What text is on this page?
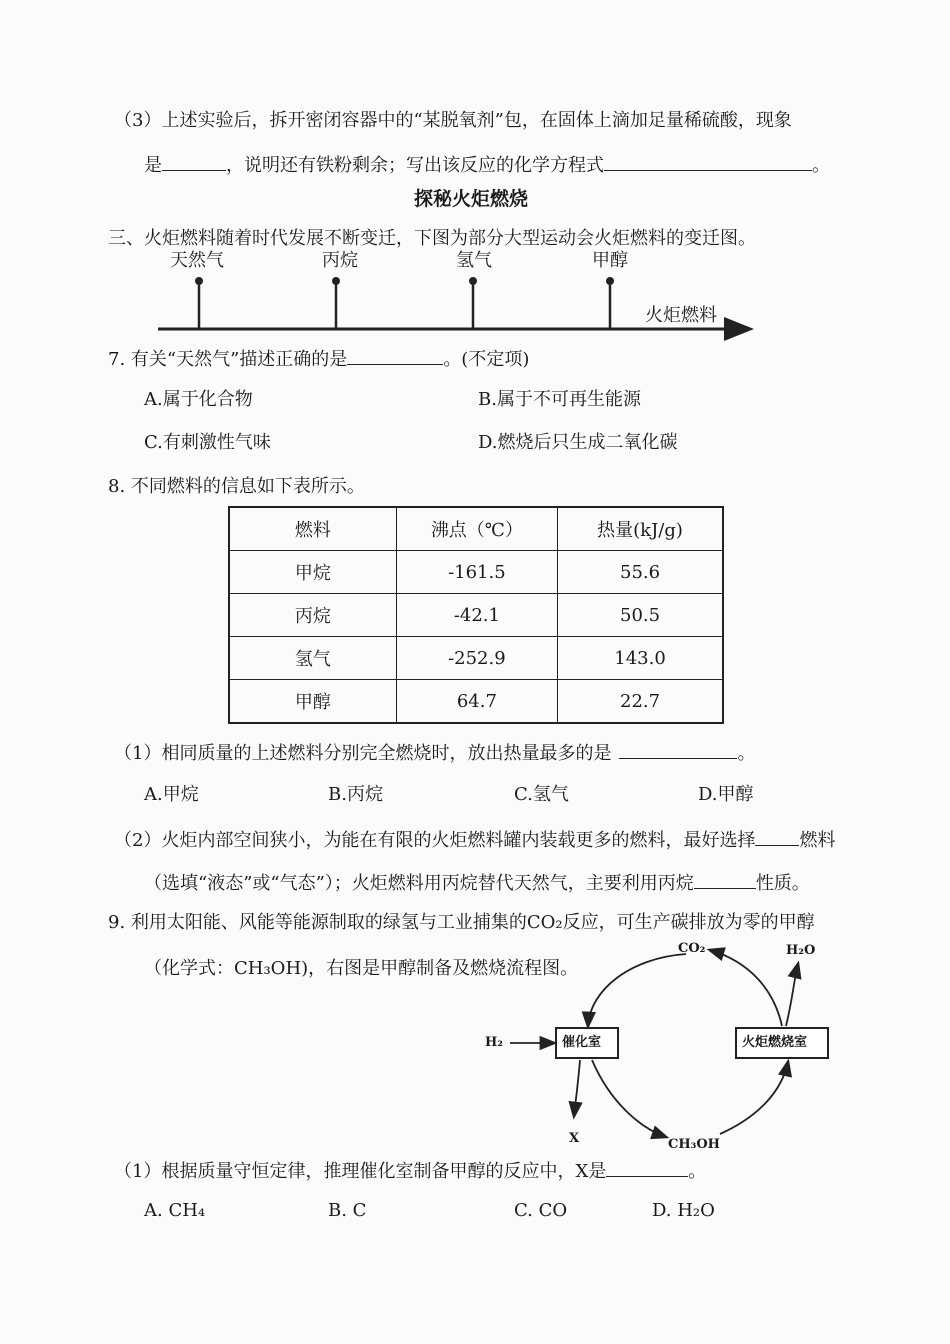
（3）上述实验后，拆开密闭容器中的“某脱氧剂”包，在固体上滴加足量稀硫酸，现象
是	，说明还有铁粉剩余；写出该反应的化学方程式	。
探秘火炬燃烧
三、火炬燃料随着时代发展不断变迁，下图为部分大型运动会火炬燃料的变迁图。
天然气	丙烷	氢气	甲醇
火炬燃料
7. 有关“天然气”描述正确的是	。(不定项)
A.属于化合物	B.属于不可再生能源
C.有刺激性气味	D.燃烧后只生成二氧化碳
8. 不同燃料的信息如下表所示。
燃料	沸点（℃）	热量(kJ/g)
甲烷	-161.5	55.6
丙烷	-42.1	50.5
氢气	-252.9	143.0
甲醇	64.7	22.7
（1）相同质量的上述燃料分别完全燃烧时，放出热量最多的是	。
A.甲烷	B.丙烷	C.氢气	D.甲醇
（2）火炬内部空间狭小，为能在有限的火炬燃料罐内装载更多的燃料，最好选择 燃料
（选填“液态”或“气态”）；火炬燃料用丙烷替代天然气，主要利用丙烷	性质。
9. 利用太阳能、风能等能源制取的绿氢与工业捕集的CO₂反应，可生产碳排放为零的甲醇
（化学式：CH₃OH)，右图是甲醇制备及燃烧流程图。
催化室	火炬燃烧室
H₂
CO₂	H₂O
X	CH₃OH
（1）根据质量守恒定律，推理催化室制备甲醇的反应中，X是	。
A. CH₄	B. C	C. CO	D. H₂O
